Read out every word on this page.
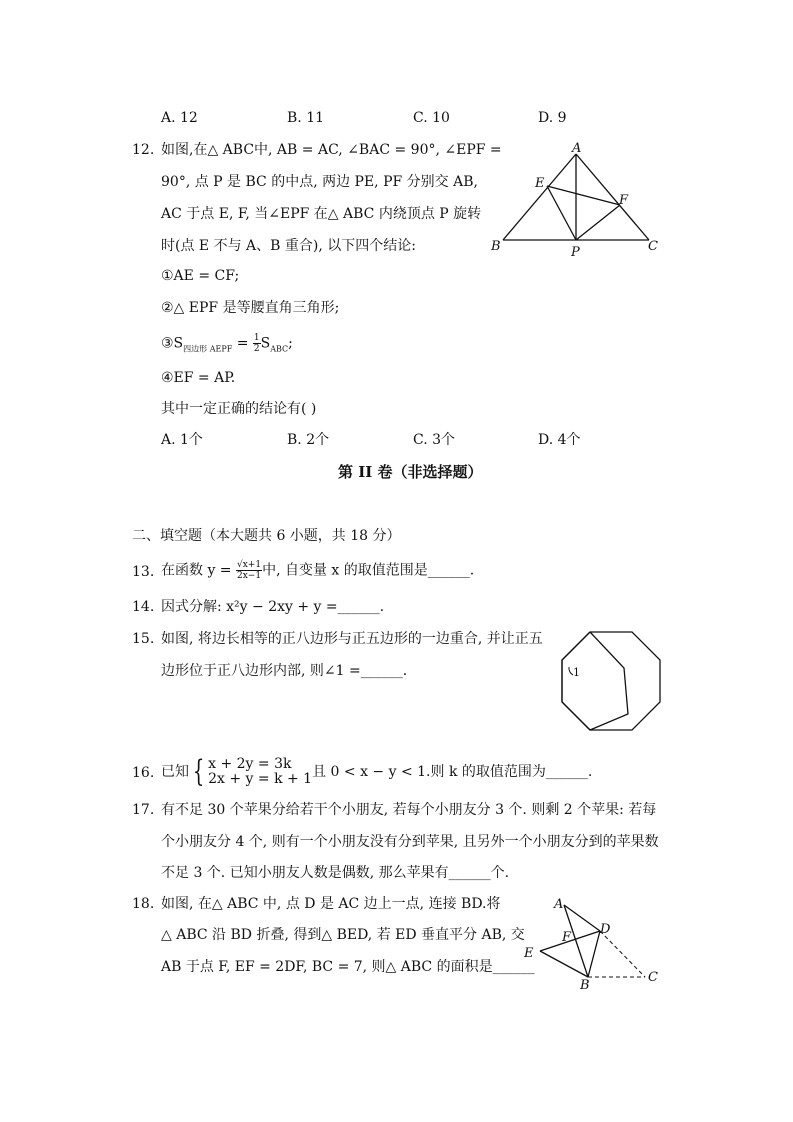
A. 12	B. 11	C. 10	D. 9
12. 如图,在△ ABC中, AB = AC, ∠BAC = 90°, ∠EPF =
90°, 点 P 是 BC 的中点, 两边 PE, PF 分别交 AB,
AC 于点 E, F, 当∠EPF 在△ ABC 内绕顶点 P 旋转
时(点 E 不与 A、B 重合), 以下四个结论:
①AE = CF;
②△ EPF 是等腰直角三角形;
$③S_{四边形 AEPF} = \frac{1}{2} S_{ABC}$;
④EF = AP.
其中一定正确的结论有( )
A. 1个	B. 2个	C. 3个	D. 4个
A
E
F
B	P	C
第 II 卷（非选择题）
二、填空题（本大题共 6 小题，共 18 分）
13. 在函数 $y = \frac{√x+1}{2x-1}$ 中, 自变量 x 的取值范围是______.
14. 因式分解: x²y − 2xy + y =______.
15. 如图, 将边长相等的正八边形与正五边形的一边重合, 并让正五
边形位于正八边形内部, 则∠1 =______.	1
16. 已知 { x + 2y = 3k
2x + y = k + 1 且 0 < x − y < 1.则 k 的取值范围为______.
17. 有不足 30 个苹果分给若干个小朋友, 若每个小朋友分 3 个. 则剩 2 个苹果: 若每
个小朋友分 4 个, 则有一个小朋友没有分到苹果, 且另外一个小朋友分到的苹果数
不足 3 个. 已知小朋友人数是偶数, 那么苹果有______个.
18. 如图, 在△ ABC 中, 点 D 是 AC 边上一点, 连接 BD.将
△ ABC 沿 BD 折叠, 得到△ BED, 若 ED 垂直平分 AB, 交
AB 于点 F, EF = 2DF, BC = 7, 则△ ABC 的面积是______
A
F
D
E
B
C
